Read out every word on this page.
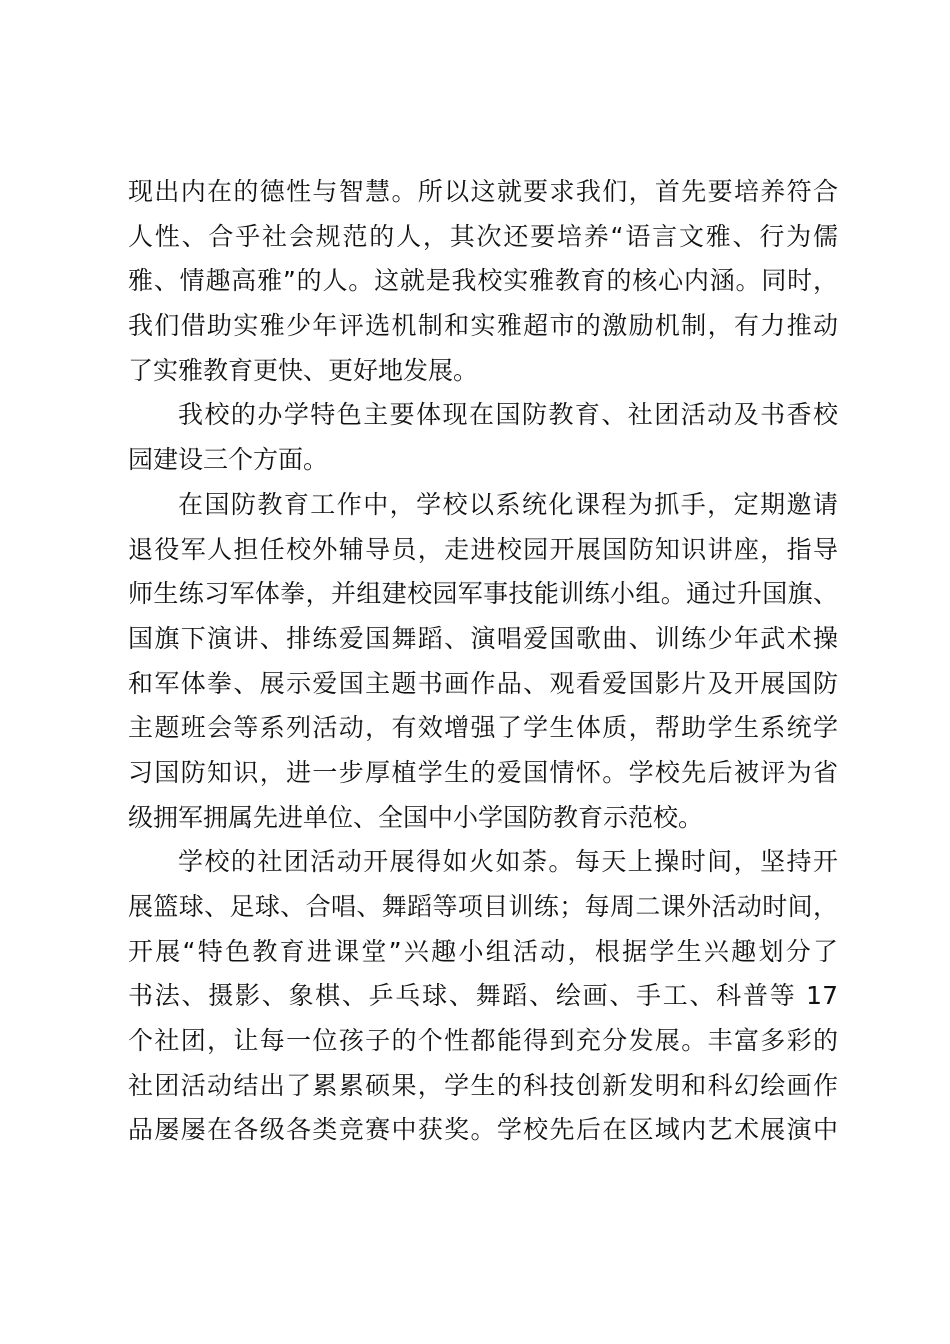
现出内在的德性与智慧。所以这就要求我们，首先要培养符合
人性、合乎社会规范的人，其次还要培养“语言文雅、行为儒
雅、情趣高雅”的人。这就是我校实雅教育的核心内涵。同时，
我们借助实雅少年评选机制和实雅超市的激励机制，有力推动
了实雅教育更快、更好地发展。
我校的办学特色主要体现在国防教育、社团活动及书香校
园建设三个方面。
在国防教育工作中，学校以系统化课程为抓手，定期邀请
退役军人担任校外辅导员，走进校园开展国防知识讲座，指导
师生练习军体拳，并组建校园军事技能训练小组。通过升国旗、
国旗下演讲、排练爱国舞蹈、演唱爱国歌曲、训练少年武术操
和军体拳、展示爱国主题书画作品、观看爱国影片及开展国防
主题班会等系列活动，有效增强了学生体质，帮助学生系统学
习国防知识，进一步厚植学生的爱国情怀。学校先后被评为省
级拥军拥属先进单位、全国中小学国防教育示范校。
学校的社团活动开展得如火如荼。每天上操时间，坚持开
展篮球、足球、合唱、舞蹈等项目训练；每周二课外活动时间，
开展“特色教育进课堂”兴趣小组活动，根据学生兴趣划分了
书法、摄影、象棋、乒乓球、舞蹈、绘画、手工、科普等 17
个社团，让每一位孩子的个性都能得到充分发展。丰富多彩的
社团活动结出了累累硕果，学生的科技创新发明和科幻绘画作
品屡屡在各级各类竞赛中获奖。学校先后在区域内艺术展演中
